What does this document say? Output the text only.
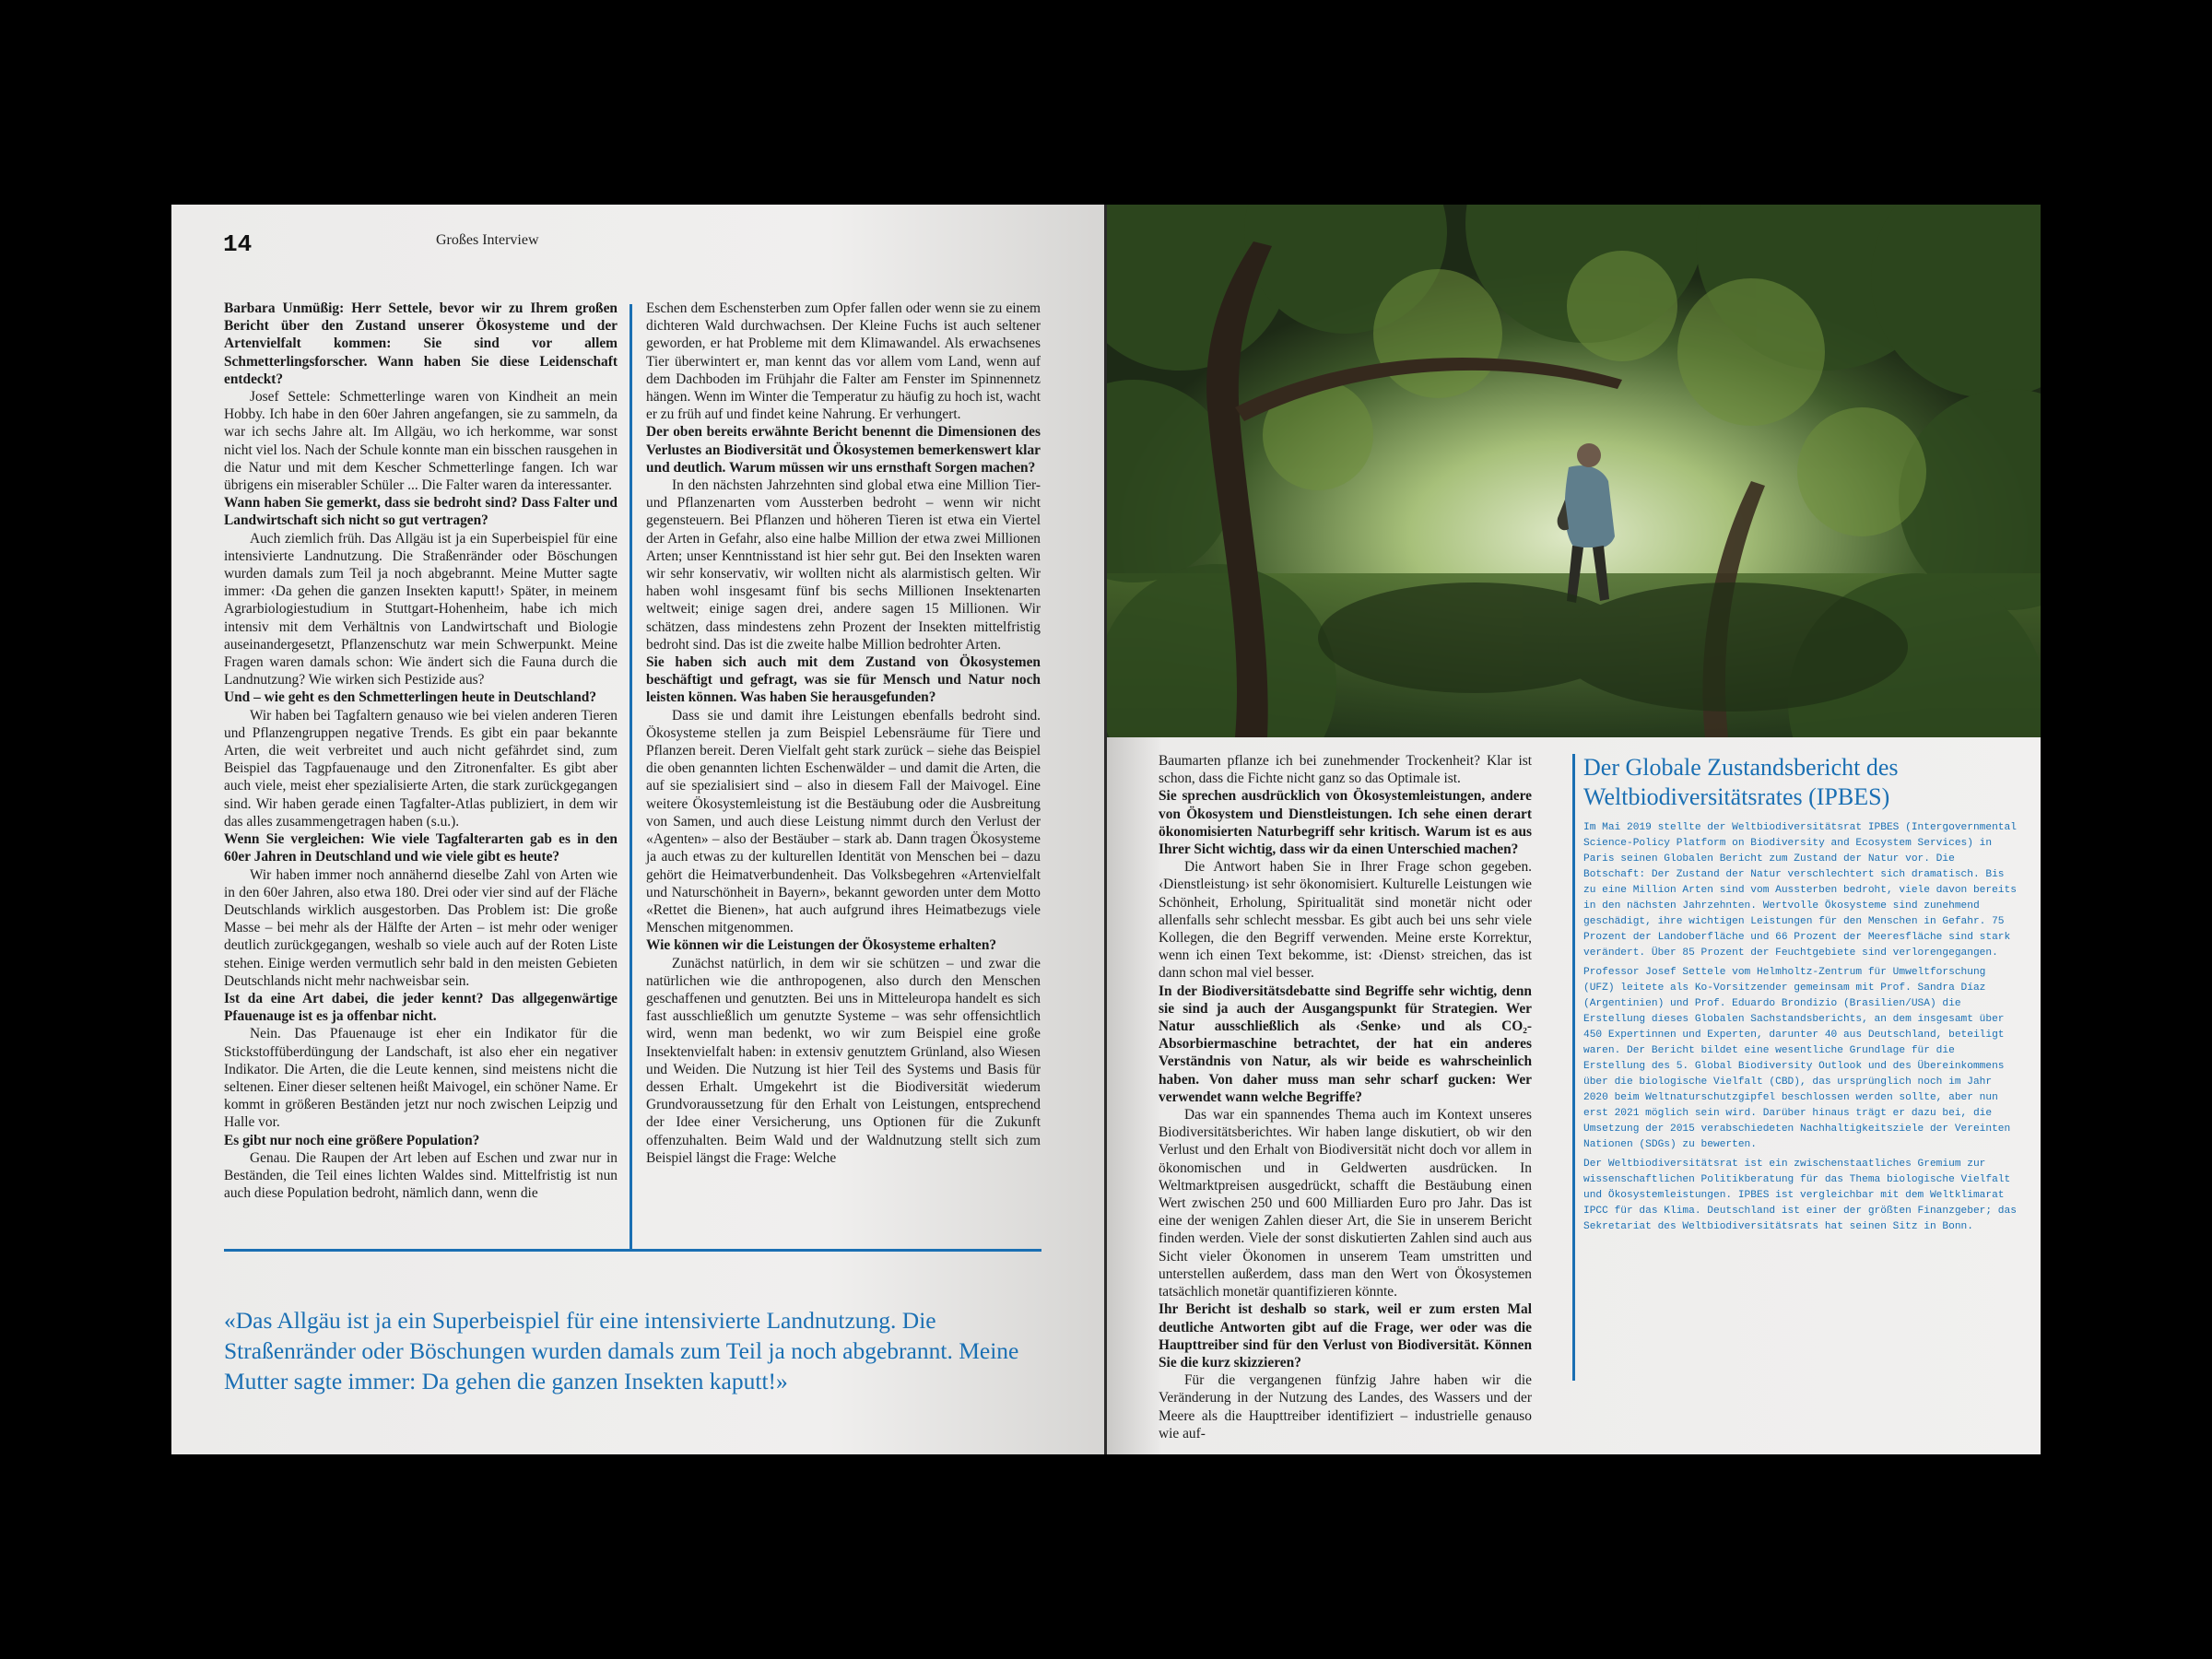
14	Großes Interview

Barbara Unmüßig: Herr Settele, bevor wir zu Ihrem großen Bericht über den Zustand unserer Ökosysteme und der Artenvielfalt kommen: Sie sind vor allem Schmetterlingsforscher. Wann haben Sie diese Leidenschaft entdeckt?

Josef Settele: Schmetterlinge waren von Kindheit an mein Hobby. Ich habe in den 60er Jahren angefangen, sie zu sammeln, da war ich sechs Jahre alt. Im Allgäu, wo ich herkomme, war sonst nicht viel los. Nach der Schule konnte man ein bisschen rausgehen in die Natur und mit dem Kescher Schmetterlinge fangen. Ich war übrigens ein miserabler Schüler ... Die Falter waren da interessanter.

Wann haben Sie gemerkt, dass sie bedroht sind? Dass Falter und Landwirtschaft sich nicht so gut vertragen?

Auch ziemlich früh. Das Allgäu ist ja ein Superbeispiel für eine intensivierte Landnutzung. Die Straßenränder oder Böschungen wurden damals zum Teil ja noch abgebrannt. Meine Mutter sagte immer: ‹Da gehen die ganzen Insekten kaputt!› Später, in meinem Agrarbiologiestudium in Stuttgart-Hohenheim, habe ich mich intensiv mit dem Verhältnis von Landwirtschaft und Biologie auseinandergesetzt, Pflanzenschutz war mein Schwerpunkt. Meine Fragen waren damals schon: Wie ändert sich die Fauna durch die Landnutzung? Wie wirken sich Pestizide aus?

Und – wie geht es den Schmetterlingen heute in Deutschland?

Wir haben bei Tagfaltern genauso wie bei vielen anderen Tieren und Pflanzengruppen negative Trends. Es gibt ein paar bekannte Arten, die weit verbreitet und auch nicht gefährdet sind, zum Beispiel das Tagpfauenauge und den Zitronenfalter. Es gibt aber auch viele, meist eher spezialisierte Arten, die stark zurückgegangen sind. Wir haben gerade einen Tagfalter-Atlas publiziert, in dem wir das alles zusammengetragen haben (s.u.).

Wenn Sie vergleichen: Wie viele Tagfalterarten gab es in den 60er Jahren in Deutschland und wie viele gibt es heute?

Wir haben immer noch annähernd dieselbe Zahl von Arten wie in den 60er Jahren, also etwa 180. Drei oder vier sind auf der Fläche Deutschlands wirklich ausgestorben. Das Problem ist: Die große Masse – bei mehr als der Hälfte der Arten – ist mehr oder weniger deutlich zurückgegangen, weshalb so viele auch auf der Roten Liste stehen. Einige werden vermutlich sehr bald in den meisten Gebieten Deutschlands nicht mehr nachweisbar sein.

Ist da eine Art dabei, die jeder kennt? Das allgegenwärtige Pfauenauge ist es ja offenbar nicht.

Nein. Das Pfauenauge ist eher ein Indikator für die Stickstoffüberdüngung der Landschaft, ist also eher ein negativer Indikator. Die Arten, die die Leute kennen, sind meistens nicht die seltenen. Einer dieser seltenen heißt Maivogel, ein schöner Name. Er kommt in größeren Beständen jetzt nur noch zwischen Leipzig und Halle vor.

Es gibt nur noch eine größere Population?

Genau. Die Raupen der Art leben auf Eschen und zwar nur in Beständen, die Teil eines lichten Waldes sind. Mittelfristig ist nun auch diese Population bedroht, nämlich dann, wenn die

Eschen dem Eschensterben zum Opfer fallen oder wenn sie zu einem dichteren Wald durchwachsen. Der Kleine Fuchs ist auch seltener geworden, er hat Probleme mit dem Klimawandel. Als erwachsenes Tier überwintert er, man kennt das vor allem vom Land, wenn auf dem Dachboden im Frühjahr die Falter am Fenster im Spinnennetz hängen. Wenn im Winter die Temperatur zu häufig zu hoch ist, wacht er zu früh auf und findet keine Nahrung. Er verhungert.

Der oben bereits erwähnte Bericht benennt die Dimensionen des Verlustes an Biodiversität und Ökosystemen bemerkenswert klar und deutlich. Warum müssen wir uns ernsthaft Sorgen machen?

In den nächsten Jahrzehnten sind global etwa eine Million Tier- und Pflanzenarten vom Aussterben bedroht – wenn wir nicht gegensteuern. Bei Pflanzen und höheren Tieren ist etwa ein Viertel der Arten in Gefahr, also eine halbe Million der etwa zwei Millionen Arten; unser Kenntnisstand ist hier sehr gut. Bei den Insekten waren wir sehr konservativ, wir wollten nicht als alarmistisch gelten. Wir haben wohl insgesamt fünf bis sechs Millionen Insektenarten weltweit; einige sagen drei, andere sagen 15 Millionen. Wir schätzen, dass mindestens zehn Prozent der Insekten mittelfristig bedroht sind. Das ist die zweite halbe Million bedrohter Arten.

Sie haben sich auch mit dem Zustand von Ökosystemen beschäftigt und gefragt, was sie für Mensch und Natur noch leisten können. Was haben Sie herausgefunden?

Dass sie und damit ihre Leistungen ebenfalls bedroht sind. Ökosysteme stellen ja zum Beispiel Lebensräume für Tiere und Pflanzen bereit. Deren Vielfalt geht stark zurück – siehe das Beispiel die oben genannten lichten Eschenwälder – und damit die Arten, die auf sie spezialisiert sind – also in diesem Fall der Maivogel. Eine weitere Ökosystemleistung ist die Bestäubung oder die Ausbreitung von Samen, und auch diese Leistung nimmt durch den Verlust der «Agenten» – also der Bestäuber – stark ab. Dann tragen Ökosysteme ja auch etwas zu der kulturellen Identität von Menschen bei – dazu gehört die Heimatverbundenheit. Das Volksbegehren «Artenvielfalt und Naturschönheit in Bayern», bekannt geworden unter dem Motto «Rettet die Bienen», hat auch aufgrund ihres Heimatbezugs viele Menschen mitgenommen.

Wie können wir die Leistungen der Ökosysteme erhalten?

Zunächst natürlich, in dem wir sie schützen – und zwar die natürlichen wie die anthropogenen, also durch den Menschen geschaffenen und genutzten. Bei uns in Mitteleuropa handelt es sich fast ausschließlich um genutzte Systeme – was sehr offensichtlich wird, wenn man bedenkt, wo wir zum Beispiel eine große Insektenvielfalt haben: in extensiv genutztem Grünland, also Wiesen und Weiden. Die Nutzung ist hier Teil des Systems und Basis für dessen Erhalt. Umgekehrt ist die Biodiversität wiederum Grundvoraussetzung für den Erhalt von Leistungen, entsprechend der Idee einer Versicherung, uns Optionen für die Zukunft offenzuhalten. Beim Wald und der Waldnutzung stellt sich zum Beispiel längst die Frage: Welche

«Das Allgäu ist ja ein Superbeispiel für eine intensivierte Landnutzung. Die Straßenränder oder Böschungen wurden damals zum Teil ja noch abgebrannt. Meine Mutter sagte immer: Da gehen die ganzen Insekten kaputt!»

Baumarten pflanze ich bei zunehmender Trockenheit? Klar ist schon, dass die Fichte nicht ganz so das Optimale ist.

Sie sprechen ausdrücklich von Ökosystemleistungen, andere von Ökosystem und Dienstleistungen. Ich sehe einen derart ökonomisierten Naturbegriff sehr kritisch. Warum ist es aus Ihrer Sicht wichtig, dass wir da einen Unterschied machen?

Die Antwort haben Sie in Ihrer Frage schon gegeben. ‹Dienstleistung› ist sehr ökonomisiert. Kulturelle Leistungen wie Schönheit, Erholung, Spiritualität sind monetär nicht oder allenfalls sehr schlecht messbar. Es gibt auch bei uns sehr viele Kollegen, die den Begriff verwenden. Meine erste Korrektur, wenn ich einen Text bekomme, ist: ‹Dienst› streichen, das ist dann schon mal viel besser.

In der Biodiversitätsdebatte sind Begriffe sehr wichtig, denn sie sind ja auch der Ausgangspunkt für Strategien. Wer Natur ausschließlich als ‹Senke› und als CO₂-Absorbiermaschine betrachtet, der hat ein anderes Verständnis von Natur, als wir beide es wahrscheinlich haben. Von daher muss man sehr scharf gucken: Wer verwendet wann welche Begriffe?

Das war ein spannendes Thema auch im Kontext unseres Biodiversitätsberichtes. Wir haben lange diskutiert, ob wir den Verlust und den Erhalt von Biodiversität nicht doch vor allem in ökonomischen und in Geldwerten ausdrücken. In Weltmarktpreisen ausgedrückt, schafft die Bestäubung einen Wert zwischen 250 und 600 Milliarden Euro pro Jahr. Das ist eine der wenigen Zahlen dieser Art, die Sie in unserem Bericht finden werden. Viele der sonst diskutierten Zahlen sind auch aus Sicht vieler Ökonomen in unserem Team umstritten und unterstellen außerdem, dass man den Wert von Ökosystemen tatsächlich monetär quantifizieren könnte.

Ihr Bericht ist deshalb so stark, weil er zum ersten Mal deutliche Antworten gibt auf die Frage, wer oder was die Haupttreiber sind für den Verlust von Biodiversität. Können Sie die kurz skizzieren?

Für die vergangenen fünfzig Jahre haben wir die Veränderung in der Nutzung des Landes, des Wassers und der Meere als die Haupttreiber identifiziert – industrielle genauso wie auf-

Der Globale Zustandsbericht des Weltbiodiversitätsrates (IPBES)

Im Mai 2019 stellte der Weltbiodiversitätsrat IPBES (Intergovernmental Science-Policy Platform on Biodiversity and Ecosystem Services) in Paris seinen Globalen Bericht zum Zustand der Natur vor. Die Botschaft: Der Zustand der Natur verschlechtert sich dramatisch. Bis zu eine Million Arten sind vom Aussterben bedroht, viele davon bereits in den nächsten Jahrzehnten. Wertvolle Ökosysteme sind zunehmend geschädigt, ihre wichtigen Leistungen für den Menschen in Gefahr. 75 Prozent der Landoberfläche und 66 Prozent der Meeresfläche sind stark verändert. Über 85 Prozent der Feuchtgebiete sind verlorengegangen.

Professor Josef Settele vom Helmholtz-Zentrum für Umweltforschung (UFZ) leitete als Ko-Vorsitzender gemeinsam mit Prof. Sandra Díaz (Argentinien) und Prof. Eduardo Brondizio (Brasilien/USA) die Erstellung dieses Globalen Sachstandsberichts, an dem insgesamt über 450 Expertinnen und Experten, darunter 40 aus Deutschland, beteiligt waren. Der Bericht bildet eine wesentliche Grundlage für die Erstellung des 5. Global Biodiversity Outlook und des Übereinkommens über die biologische Vielfalt (CBD), das ursprünglich noch im Jahr 2020 beim Weltnaturschutzgipfel beschlossen werden sollte, aber nun erst 2021 möglich sein wird. Darüber hinaus trägt er dazu bei, die Umsetzung der 2015 verabschiedeten Nachhaltigkeitsziele der Vereinten Nationen (SDGs) zu bewerten.

Der Weltbiodiversitätsrat ist ein zwischenstaatliches Gremium zur wissenschaftlichen Politikberatung für das Thema biologische Vielfalt und Ökosystemleistungen. IPBES ist vergleichbar mit dem Weltklimarat IPCC für das Klima. Deutschland ist einer der größten Finanzgeber; das Sekretariat des Weltbiodiversitätsrats hat seinen Sitz in Bonn.
